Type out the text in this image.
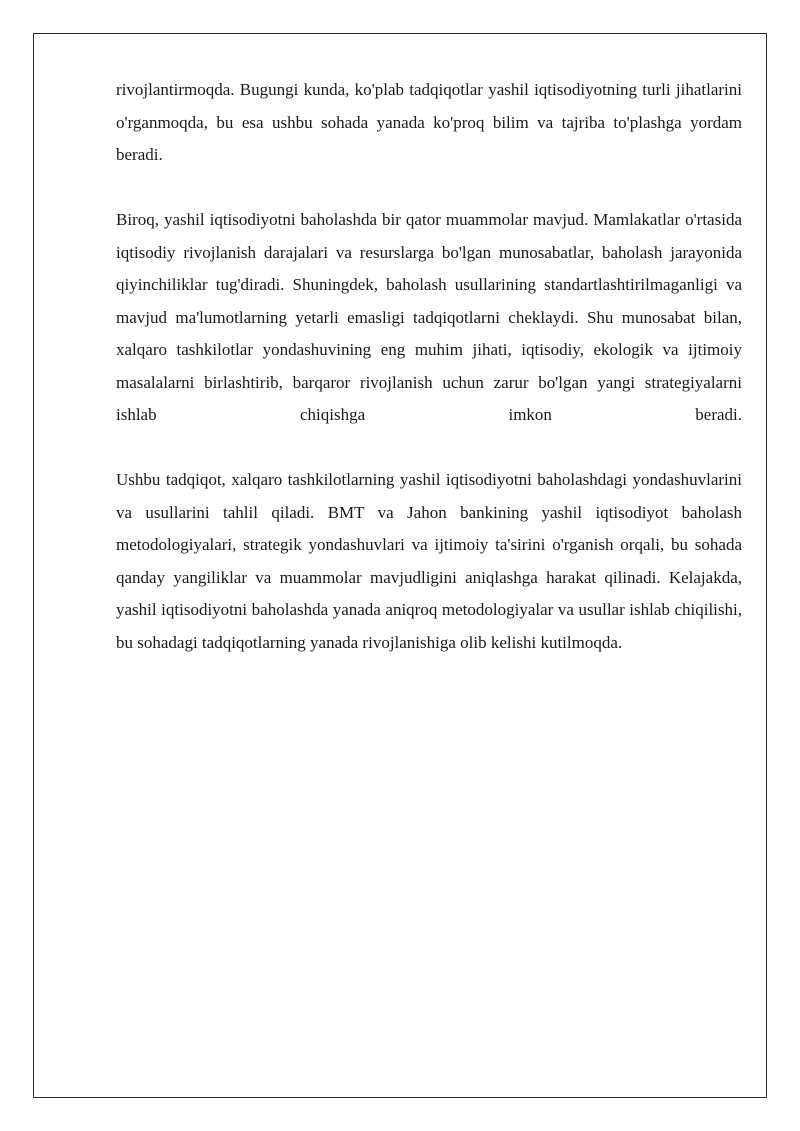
rivojlantirmoqda. Bugungi kunda, ko'plab tadqiqotlar yashil iqtisodiyotning turli jihatlarini o'rganmoqda, bu esa ushbu sohada yanada ko'proq bilim va tajriba to'plashga yordam beradi.

Biroq, yashil iqtisodiyotni baholashda bir qator muammolar mavjud. Mamlakatlar o'rtasida iqtisodiy rivojlanish darajalari va resurslarga bo'lgan munosabatlar, baholash jarayonida qiyinchiliklar tug'diradi. Shuningdek, baholash usullarining standartlashtirilmaganligi va mavjud ma'lumotlarning yetarli emasligi tadqiqotlarni cheklaydi. Shu munosabat bilan, xalqaro tashkilotlar yondashuvining eng muhim jihati, iqtisodiy, ekologik va ijtimoiy masalalarni birlashtirib, barqaror rivojlanish uchun zarur bo'lgan yangi strategiyalarni ishlab chiqishga imkon beradi.

Ushbu tadqiqot, xalqaro tashkilotlarning yashil iqtisodiyotni baholashdagi yondashuvlarini va usullarini tahlil qiladi. BMT va Jahon bankining yashil iqtisodiyot baholash metodologiyalari, strategik yondashuvlari va ijtimoiy ta'sirini o'rganish orqali, bu sohada qanday yangiliklar va muammolar mavjudligini aniqlashga harakat qilinadi. Kelajakda, yashil iqtisodiyotni baholashda yanada aniqroq metodologiyalar va usullar ishlab chiqilishi, bu sohadagi tadqiqotlarning yanada rivojlanishiga olib kelishi kutilmoqda.
